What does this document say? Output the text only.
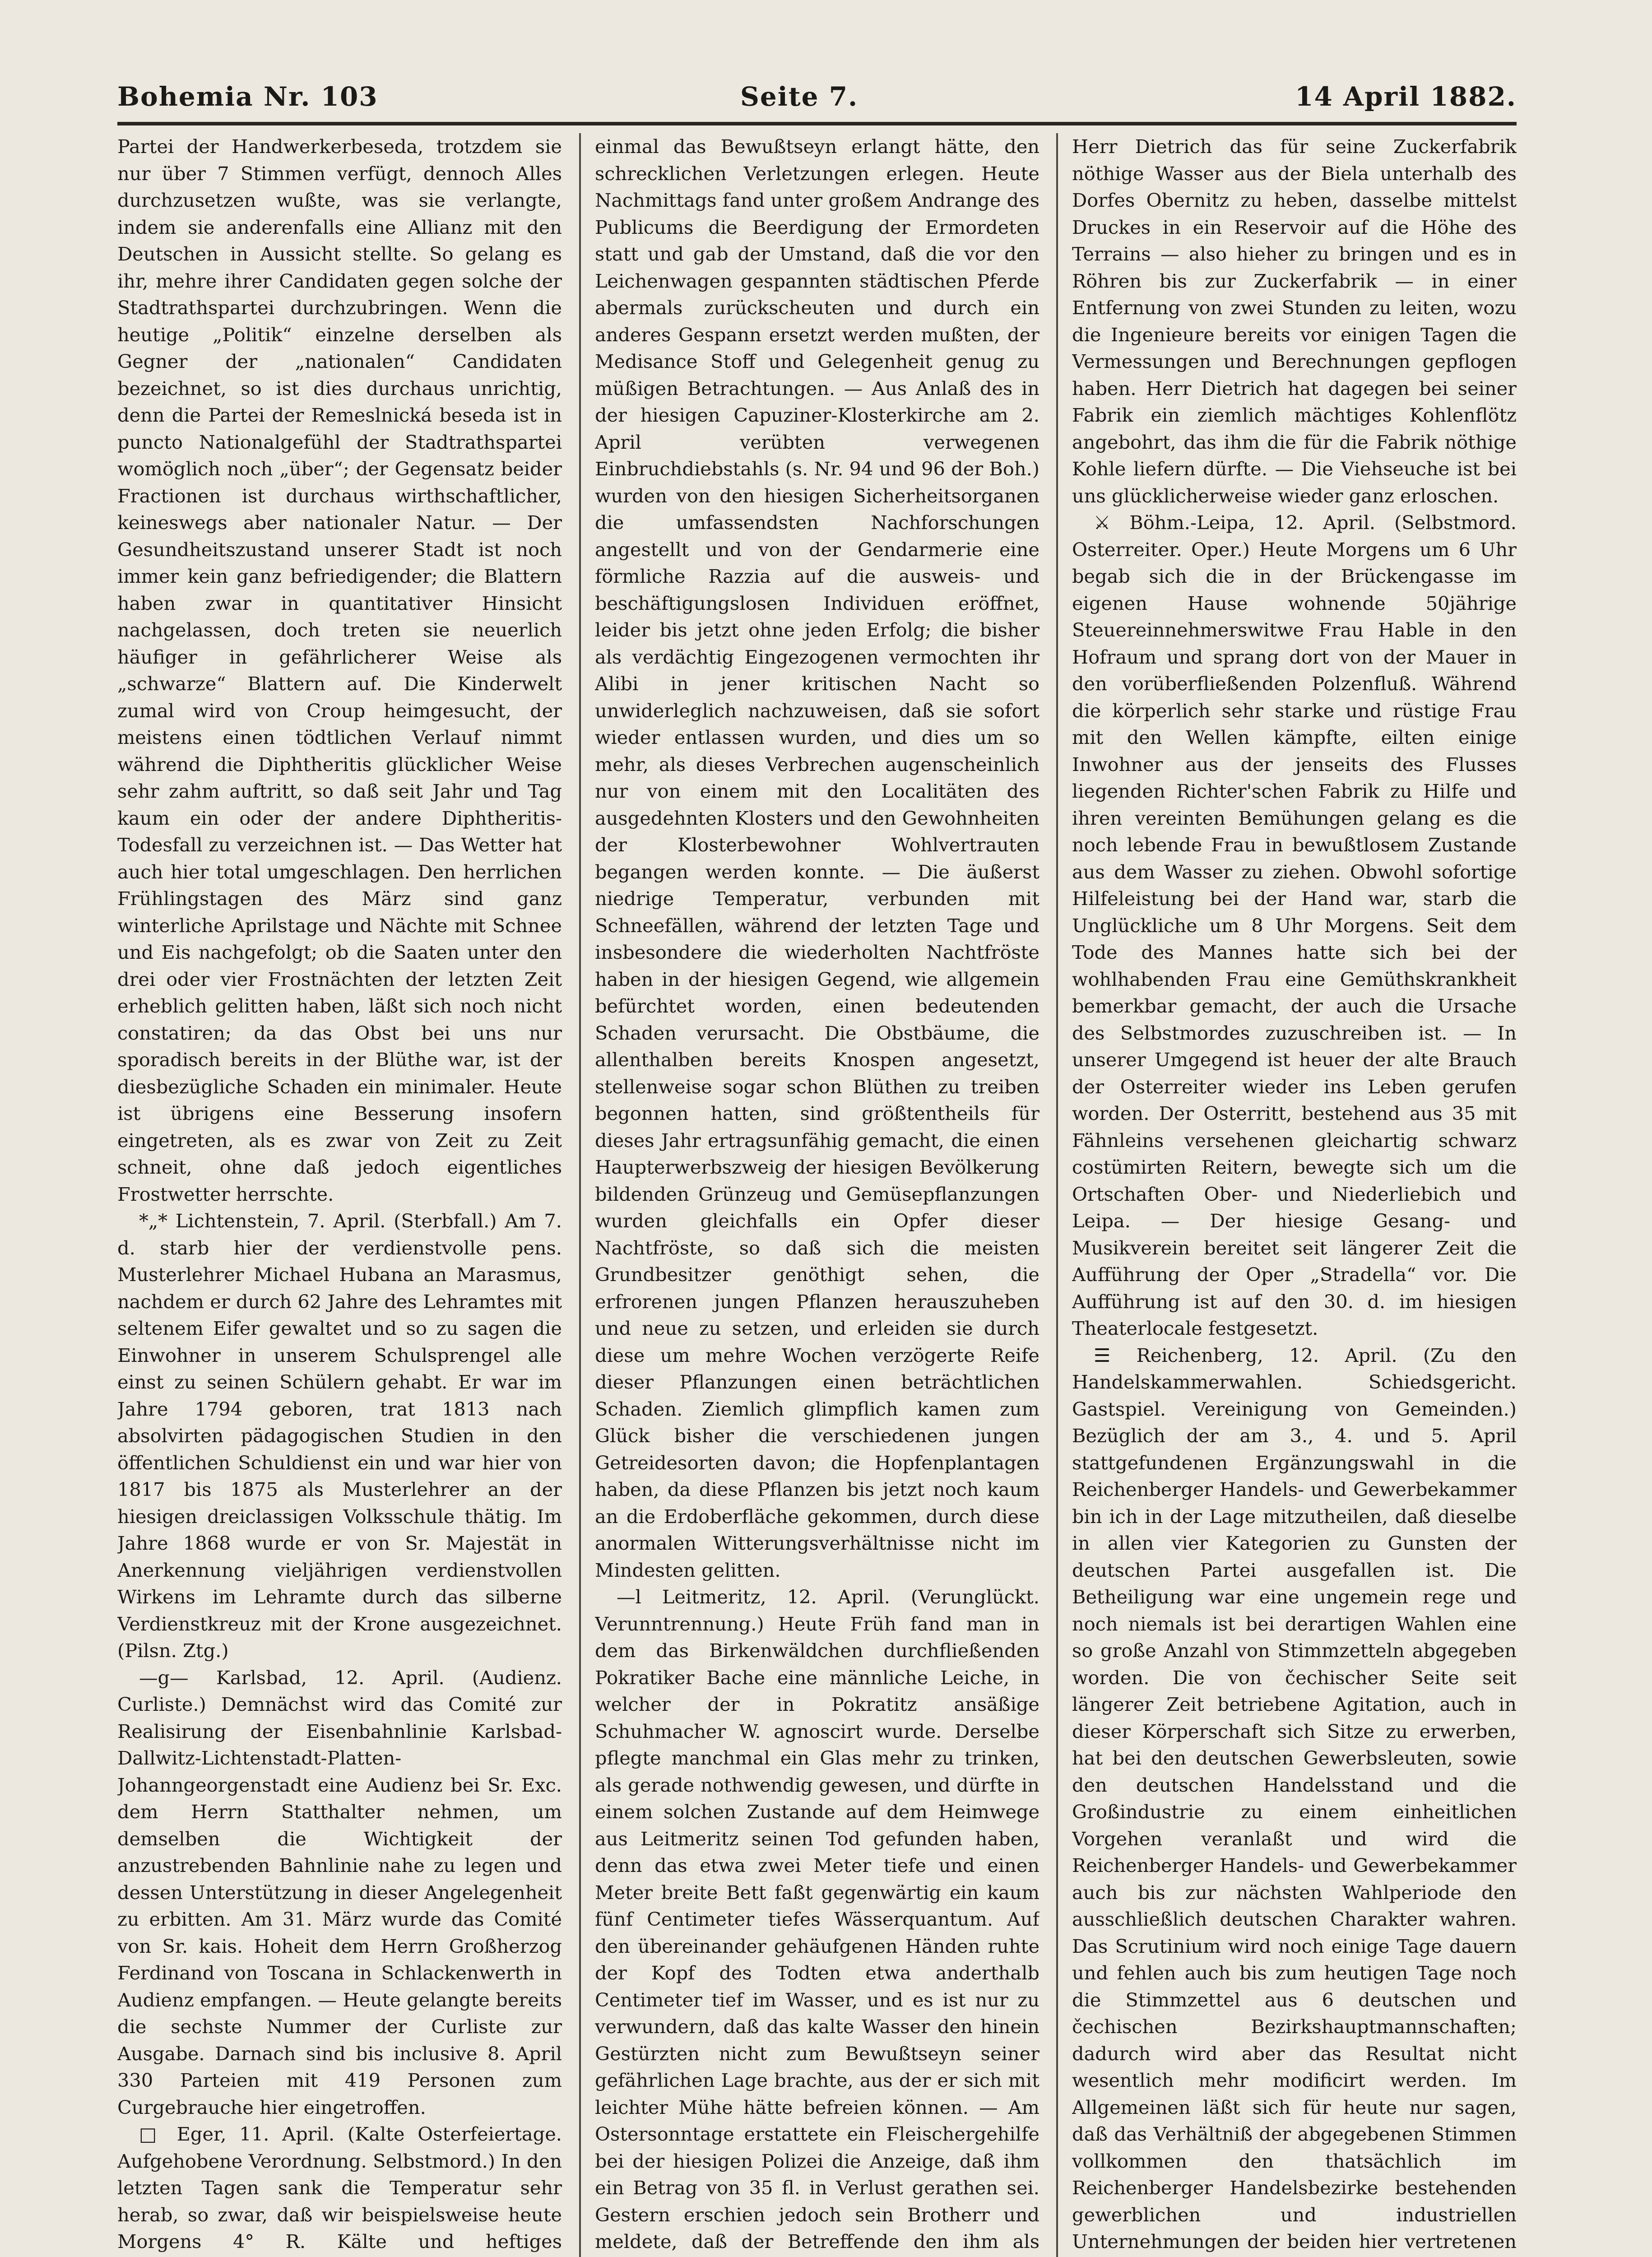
Bohemia Nr. 103	Seite 7.	14 April 1882.

Partei der Handwerkerbeseda, trotzdem sie nur über 7 Stimmen verfügt, dennoch Alles durchzusetzen wußte, was sie verlangte, indem sie anderenfalls eine Allianz mit den Deutschen in Aussicht stellte. So gelang es ihr, mehre ihrer Candidaten gegen solche der Stadtrathspartei durchzubringen. Wenn die heutige „Politik“ einzelne derselben als Gegner der „nationalen“ Candidaten bezeichnet, so ist dies durchaus unrichtig, denn die Partei der Remeslnická beseda ist in puncto Nationalgefühl der Stadtrathspartei womöglich noch „über“; der Gegensatz beider Fractionen ist durchaus wirthschaftlicher, keineswegs aber nationaler Natur. — Der Gesundheitszustand unserer Stadt ist noch immer kein ganz befriedigender; die Blattern haben zwar in quantitativer Hinsicht nachgelassen, doch treten sie neuerlich häufiger in gefährlicherer Weise als „schwarze“ Blattern auf. Die Kinderwelt zumal wird von Croup heimgesucht, der meistens einen tödtlichen Verlauf nimmt während die Diphtheritis glücklicher Weise sehr zahm auftritt, so daß seit Jahr und Tag kaum ein oder der andere Diphtheritis-Todesfall zu verzeichnen ist. — Das Wetter hat auch hier total umgeschlagen. Den herrlichen Frühlingstagen des März sind ganz winterliche Aprilstage und Nächte mit Schnee und Eis nachgefolgt; ob die Saaten unter den drei oder vier Frostnächten der letzten Zeit erheblich gelitten haben, läßt sich noch nicht constatiren; da das Obst bei uns nur sporadisch bereits in der Blüthe war, ist der diesbezügliche Schaden ein minimaler. Heute ist übrigens eine Besserung insofern eingetreten, als es zwar von Zeit zu Zeit schneit, ohne daß jedoch eigentliches Frostwetter herrschte.

*„* Lichtenstein, 7. April. (Sterbfall.) Am 7. d. starb hier der verdienstvolle pens. Musterlehrer Michael Hubana an Marasmus, nachdem er durch 62 Jahre des Lehramtes mit seltenem Eifer gewaltet und so zu sagen die Einwohner in unserem Schulsprengel alle einst zu seinen Schülern gehabt. Er war im Jahre 1794 geboren, trat 1813 nach absolvirten pädagogischen Studien in den öffentlichen Schuldienst ein und war hier von 1817 bis 1875 als Musterlehrer an der hiesigen dreiclassigen Volksschule thätig. Im Jahre 1868 wurde er von Sr. Majestät in Anerkennung vieljährigen verdienstvollen Wirkens im Lehramte durch das silberne Verdienstkreuz mit der Krone ausgezeichnet. (Pilsn. Ztg.)

—g— Karlsbad, 12. April. (Audienz. Curliste.) Demnächst wird das Comité zur Realisirung der Eisenbahnlinie Karlsbad-Dallwitz-Lichtenstadt-Platten-Johanngeorgenstadt eine Audienz bei Sr. Exc. dem Herrn Statthalter nehmen, um demselben die Wichtigkeit der anzustrebenden Bahnlinie nahe zu legen und dessen Unterstützung in dieser Angelegenheit zu erbitten. Am 31. März wurde das Comité von Sr. kais. Hoheit dem Herrn Großherzog Ferdinand von Toscana in Schlackenwerth in Audienz empfangen. — Heute gelangte bereits die sechste Nummer der Curliste zur Ausgabe. Darnach sind bis inclusive 8. April 330 Parteien mit 419 Personen zum Curgebrauche hier eingetroffen.

□ Eger, 11. April. (Kalte Osterfeiertage. Aufgehobene Verordnung. Selbstmord.) In den letzten Tagen sank die Temperatur sehr herab, so zwar, daß wir beispielsweise heute Morgens 4° R. Kälte und heftiges

einmal das Bewußtseyn erlangt hätte, den schrecklichen Verletzungen erlegen. Heute Nachmittags fand unter großem Andrange des Publicums die Beerdigung der Ermordeten statt und gab der Umstand, daß die vor den Leichenwagen gespannten städtischen Pferde abermals zurückscheuten und durch ein anderes Gespann ersetzt werden mußten, der Medisance Stoff und Gelegenheit genug zu müßigen Betrachtungen. — Aus Anlaß des in der hiesigen Capuziner-Klosterkirche am 2. April verübten verwegenen Einbruchdiebstahls (s. Nr. 94 und 96 der Boh.) wurden von den hiesigen Sicherheitsorganen die umfassendsten Nachforschungen angestellt und von der Gendarmerie eine förmliche Razzia auf die ausweis- und beschäftigungslosen Individuen eröffnet, leider bis jetzt ohne jeden Erfolg; die bisher als verdächtig Eingezogenen vermochten ihr Alibi in jener kritischen Nacht so unwiderleglich nachzuweisen, daß sie sofort wieder entlassen wurden, und dies um so mehr, als dieses Verbrechen augenscheinlich nur von einem mit den Localitäten des ausgedehnten Klosters und den Gewohnheiten der Klosterbewohner Wohlvertrauten begangen werden konnte. — Die äußerst niedrige Temperatur, verbunden mit Schneefällen, während der letzten Tage und insbesondere die wiederholten Nachtfröste haben in der hiesigen Gegend, wie allgemein befürchtet worden, einen bedeutenden Schaden verursacht. Die Obstbäume, die allenthalben bereits Knospen angesetzt, stellenweise sogar schon Blüthen zu treiben begonnen hatten, sind größtentheils für dieses Jahr ertragsunfähig gemacht, die einen Haupterwerbszweig der hiesigen Bevölkerung bildenden Grünzeug und Gemüsepflanzungen wurden gleichfalls ein Opfer dieser Nachtfröste, so daß sich die meisten Grundbesitzer genöthigt sehen, die erfrorenen jungen Pflanzen herauszuheben und neue zu setzen, und erleiden sie durch diese um mehre Wochen verzögerte Reife dieser Pflanzungen einen beträchtlichen Schaden. Ziemlich glimpflich kamen zum Glück bisher die verschiedenen jungen Getreidesorten davon; die Hopfenplantagen haben, da diese Pflanzen bis jetzt noch kaum an die Erdoberfläche gekommen, durch diese anormalen Witterungsverhältnisse nicht im Mindesten gelitten.

—l Leitmeritz, 12. April. (Verunglückt. Verunntrennung.) Heute Früh fand man in dem das Birkenwäldchen durchfließenden Pokratiker Bache eine männliche Leiche, in welcher der in Pokratitz ansäßige Schuhmacher W. agnoscirt wurde. Derselbe pflegte manchmal ein Glas mehr zu trinken, als gerade nothwendig gewesen, und dürfte in einem solchen Zustande auf dem Heimwege aus Leitmeritz seinen Tod gefunden haben, denn das etwa zwei Meter tiefe und einen Meter breite Bett faßt gegenwärtig ein kaum fünf Centimeter tiefes Wässerquantum. Auf den übereinander gehäufgenen Händen ruhte der Kopf des Todten etwa anderthalb Centimeter tief im Wasser, und es ist nur zu verwundern, daß das kalte Wasser den hinein Gestürzten nicht zum Bewußtseyn seiner gefährlichen Lage brachte, aus der er sich mit leichter Mühe hätte befreien können. — Am Ostersonntage erstattete ein Fleischergehilfe bei der hiesigen Polizei die Anzeige, daß ihm ein Betrag von 35 fl. in Verlust gerathen sei. Gestern erschien jedoch sein Brotherr und meldete, daß der Betreffende den ihm als

Herr Dietrich das für seine Zuckerfabrik nöthige Wasser aus der Biela unterhalb des Dorfes Obernitz zu heben, dasselbe mittelst Druckes in ein Reservoir auf die Höhe des Terrains — also hieher zu bringen und es in Röhren bis zur Zuckerfabrik — in einer Entfernung von zwei Stunden zu leiten, wozu die Ingenieure bereits vor einigen Tagen die Vermessungen und Berechnungen gepflogen haben. Herr Dietrich hat dagegen bei seiner Fabrik ein ziemlich mächtiges Kohlenflötz angebohrt, das ihm die für die Fabrik nöthige Kohle liefern dürfte. — Die Viehseuche ist bei uns glücklicherweise wieder ganz erloschen.

⚔ Böhm.-Leipa, 12. April. (Selbstmord. Osterreiter. Oper.) Heute Morgens um 6 Uhr begab sich die in der Brückengasse im eigenen Hause wohnende 50jährige Steuereinnehmerswitwe Frau Hable in den Hofraum und sprang dort von der Mauer in den vorüberfließenden Polzenfluß. Während die körperlich sehr starke und rüstige Frau mit den Wellen kämpfte, eilten einige Inwohner aus der jenseits des Flusses liegenden Richter'schen Fabrik zu Hilfe und ihren vereinten Bemühungen gelang es die noch lebende Frau in bewußtlosem Zustande aus dem Wasser zu ziehen. Obwohl sofortige Hilfeleistung bei der Hand war, starb die Unglückliche um 8 Uhr Morgens. Seit dem Tode des Mannes hatte sich bei der wohlhabenden Frau eine Gemüthskrankheit bemerkbar gemacht, der auch die Ursache des Selbstmordes zuzuschreiben ist. — In unserer Umgegend ist heuer der alte Brauch der Osterreiter wieder ins Leben gerufen worden. Der Osterritt, bestehend aus 35 mit Fähnleins versehenen gleichartig schwarz costümirten Reitern, bewegte sich um die Ortschaften Ober- und Niederliebich und Leipa. — Der hiesige Gesang- und Musikverein bereitet seit längerer Zeit die Aufführung der Oper „Stradella“ vor. Die Aufführung ist auf den 30. d. im hiesigen Theaterlocale festgesetzt.

☰ Reichenberg, 12. April. (Zu den Handelskammerwahlen. Schiedsgericht. Gastspiel. Vereinigung von Gemeinden.) Bezüglich der am 3., 4. und 5. April stattgefundenen Ergänzungswahl in die Reichenberger Handels- und Gewerbekammer bin ich in der Lage mitzutheilen, daß dieselbe in allen vier Kategorien zu Gunsten der deutschen Partei ausgefallen ist. Die Betheiligung war eine ungemein rege und noch niemals ist bei derartigen Wahlen eine so große Anzahl von Stimmzetteln abgegeben worden. Die von čechischer Seite seit längerer Zeit betriebene Agitation, auch in dieser Körperschaft sich Sitze zu erwerben, hat bei den deutschen Gewerbsleuten, sowie den deutschen Handelsstand und die Großindustrie zu einem einheitlichen Vorgehen veranlaßt und wird die Reichenberger Handels- und Gewerbekammer auch bis zur nächsten Wahlperiode den ausschließlich deutschen Charakter wahren. Das Scrutinium wird noch einige Tage dauern und fehlen auch bis zum heutigen Tage noch die Stimmzettel aus 6 deutschen und čechischen Bezirkshauptmannschaften; dadurch wird aber das Resultat nicht wesentlich mehr modificirt werden. Im Allgemeinen läßt sich für heute nur sagen, daß das Verhältniß der abgegebenen Stimmen vollkommen den thatsächlich im Reichenberger Handelsbezirke bestehenden gewerblichen und industriellen Unternehmungen der beiden hier vertretenen
